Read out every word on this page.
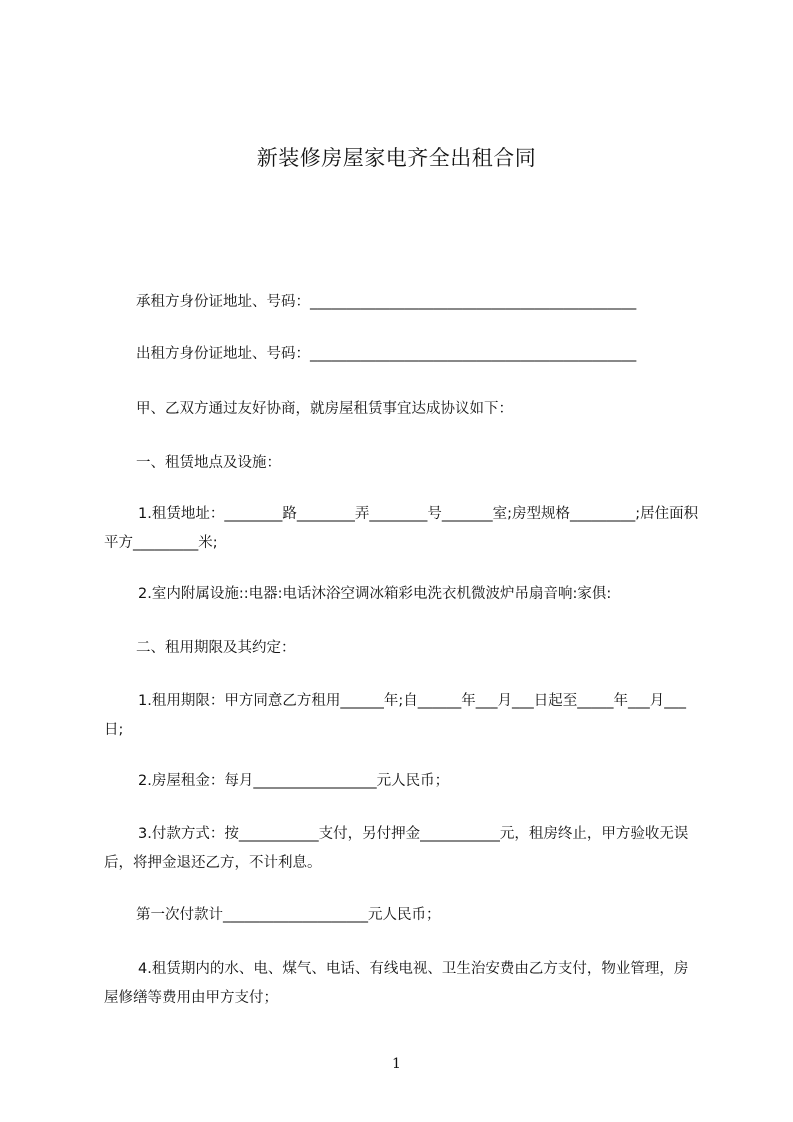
新装修房屋家电齐全出租合同
承租方身份证地址、号码：_____________________________________________
出租方身份证地址、号码：_____________________________________________
甲、乙双方通过友好协商，就房屋租赁事宜达成协议如下：
一、租赁地点及设施：
1.租赁地址：________路________弄________号_______室;房型规格_________;居住面积平方_________米;
2.室内附属设施::电器:电话沐浴空调冰箱彩电洗衣机微波炉吊扇音响:家俱:
二、租用期限及其约定：
1.租用期限：甲方同意乙方租用______年;自______年___月___日起至_____年___月___日;
2.房屋租金：每月_________________元人民币；
3.付款方式：按___________支付，另付押金___________元，租房终止，甲方验收无误后，将押金退还乙方，不计利息。
第一次付款计____________________元人民币；
4.租赁期内的水、电、煤气、电话、有线电视、卫生治安费由乙方支付，物业管理，房屋修缮等费用由甲方支付；
1
